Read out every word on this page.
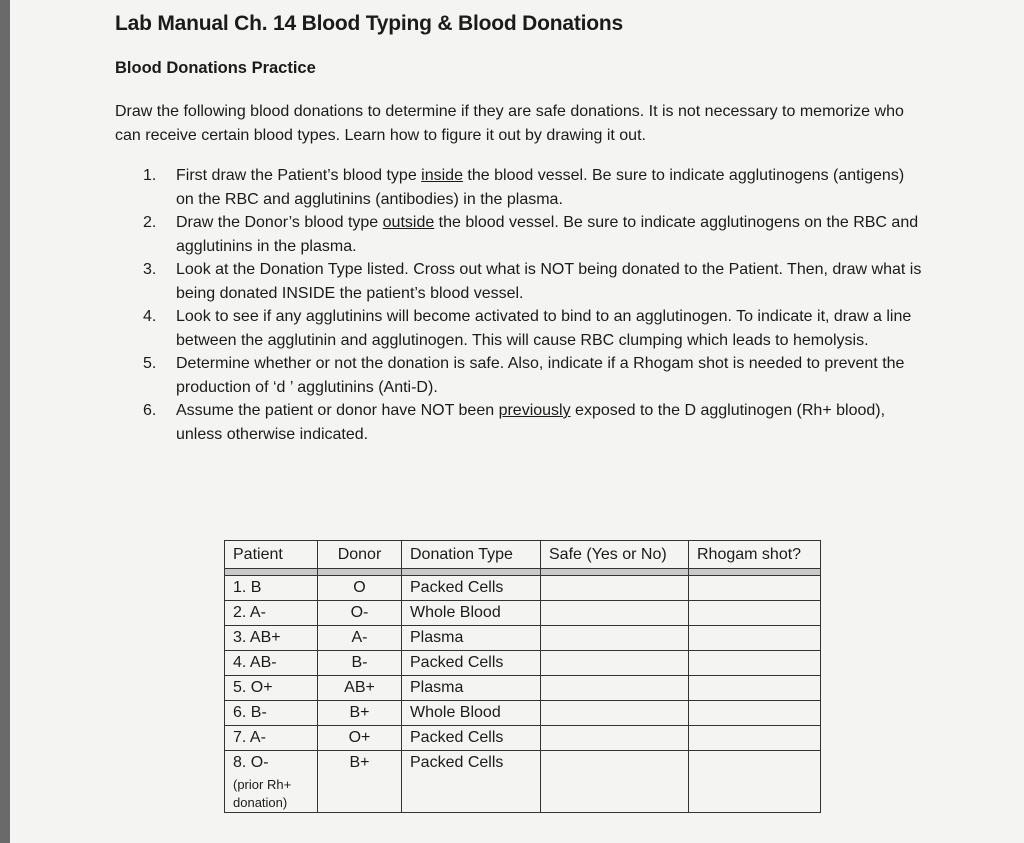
Lab Manual Ch. 14 Blood Typing & Blood Donations
Blood Donations Practice

Draw the following blood donations to determine if they are safe donations. It is not necessary to memorize who can receive certain blood types. Learn how to figure it out by drawing it out.

1. First draw the Patient’s blood type inside the blood vessel. Be sure to indicate agglutinogens (antigens) on the RBC and agglutinins (antibodies) in the plasma.
2. Draw the Donor’s blood type outside the blood vessel. Be sure to indicate agglutinogens on the RBC and agglutinins in the plasma.
3. Look at the Donation Type listed. Cross out what is NOT being donated to the Patient. Then, draw what is being donated INSIDE the patient’s blood vessel.
4. Look to see if any agglutinins will become activated to bind to an agglutinogen. To indicate it, draw a line between the agglutinin and agglutinogen. This will cause RBC clumping which leads to hemolysis.
5. Determine whether or not the donation is safe. Also, indicate if a Rhogam shot is needed to prevent the production of ‘d ’ agglutinins (Anti-D).
6. Assume the patient or donor have NOT been previously exposed to the D agglutinogen (Rh+ blood), unless otherwise indicated.
Patient	Donor	Donation Type	Safe (Yes or No)	Rhogam shot?

1. B	O	Packed Cells		
2. A-	O-	Whole Blood		
3. AB+	A-	Plasma		
4. AB-	B-	Packed Cells		
5. O+	AB+	Plasma		
6. B-	B+	Whole Blood		
7. A-	O+	Packed Cells		
8. O-
(prior Rh+ donation)	B+	Packed Cells		
